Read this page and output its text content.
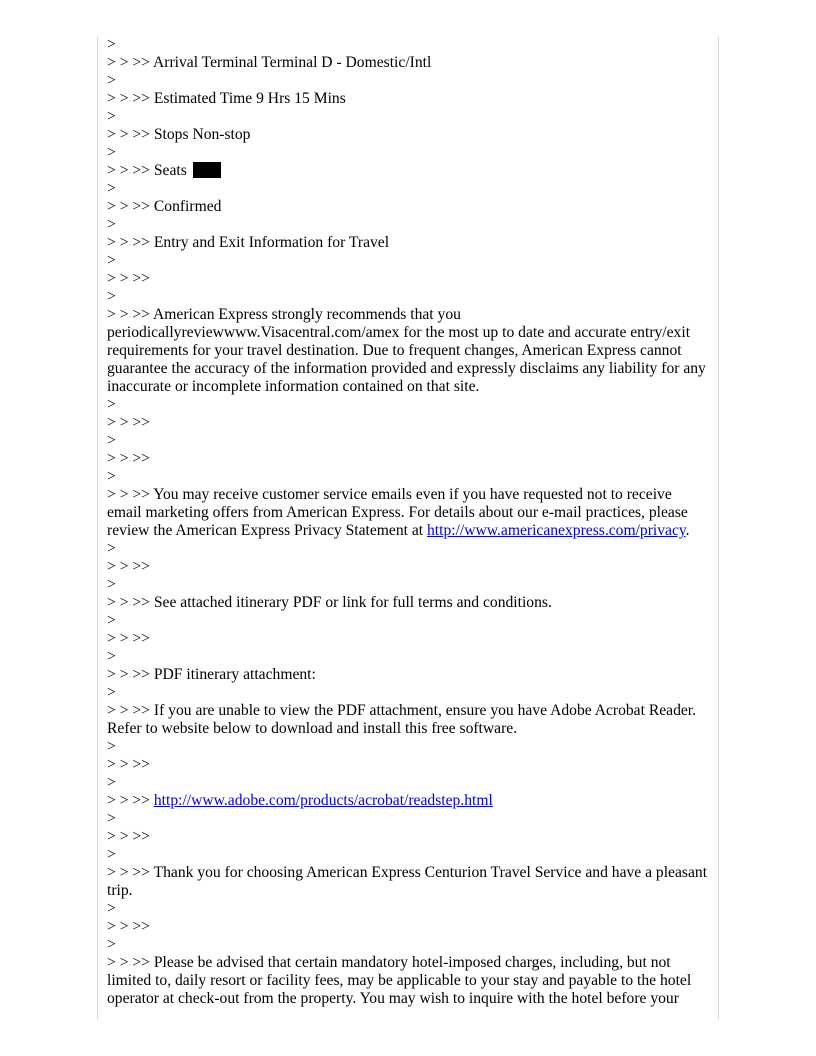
>
> > >> Arrival Terminal Terminal D - Domestic/Intl
>
> > >> Estimated Time 9 Hrs 15 Mins
>
> > >> Stops Non-stop
>
> > >> Seats
>
> > >> Confirmed
>
> > >> Entry and Exit Information for Travel
>
> > >>
>
> > >> American Express strongly recommends that you
periodicallyreviewwww.Visacentral.com/amex for the most up to date and accurate entry/exit requirements for your travel destination. Due to frequent changes, American Express cannot guarantee the accuracy of the information provided and expressly disclaims any liability for any inaccurate or incomplete information contained on that site.
>
> > >>
>
> > >>
>
> > >> You may receive customer service emails even if you have requested not to receive email marketing offers from American Express. For details about our e-mail practices, please review the American Express Privacy Statement at http://www.americanexpress.com/privacy.
>
> > >>
>
> > >> See attached itinerary PDF or link for full terms and conditions.
>
> > >>
>
> > >> PDF itinerary attachment:
>
> > >> If you are unable to view the PDF attachment, ensure you have Adobe Acrobat Reader. Refer to website below to download and install this free software.
>
> > >>
>
> > >> http://www.adobe.com/products/acrobat/readstep.html
>
> > >>
>
> > >> Thank you for choosing American Express Centurion Travel Service and have a pleasant trip.
>
> > >>
>
> > >> Please be advised that certain mandatory hotel-imposed charges, including, but not limited to, daily resort or facility fees, may be applicable to your stay and payable to the hotel operator at check-out from the property. You may wish to inquire with the hotel before your
